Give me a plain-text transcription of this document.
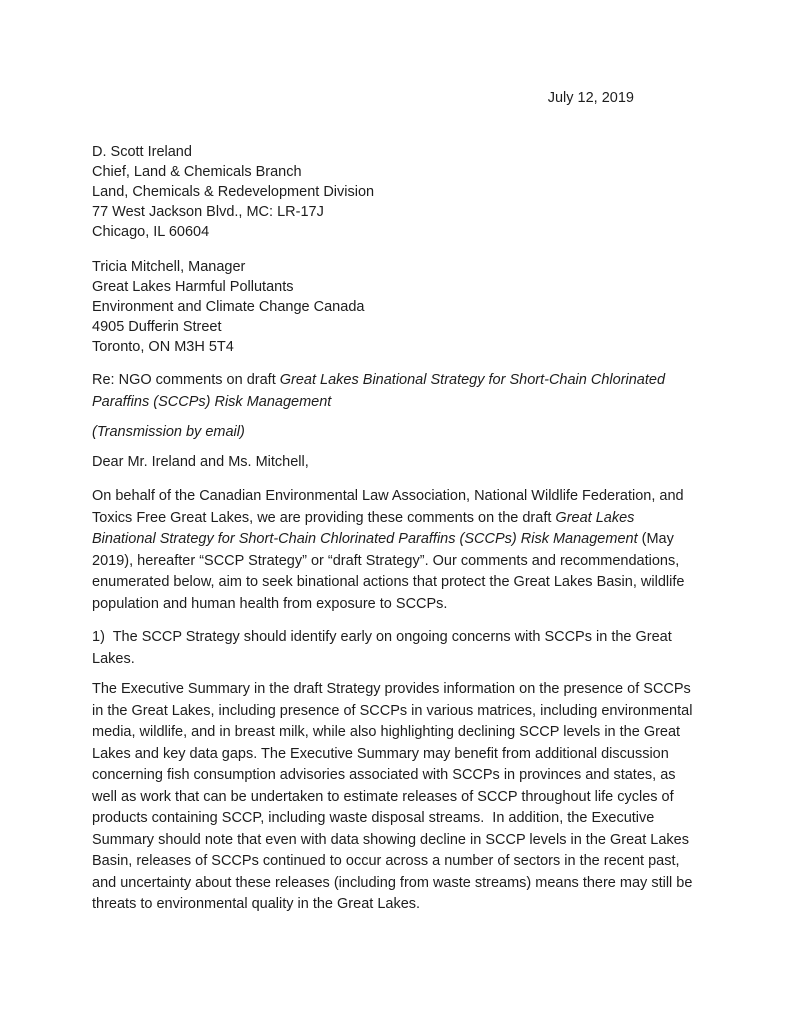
July 12, 2019
D. Scott Ireland
Chief, Land & Chemicals Branch
Land, Chemicals & Redevelopment Division
77 West Jackson Blvd., MC: LR-17J
Chicago, IL 60604
Tricia Mitchell, Manager
Great Lakes Harmful Pollutants
Environment and Climate Change Canada
4905 Dufferin Street
Toronto, ON M3H 5T4

Re: NGO comments on draft Great Lakes Binational Strategy for Short-Chain Chlorinated Paraffins (SCCPs) Risk Management

(Transmission by email)

Dear Mr. Ireland and Ms. Mitchell,

On behalf of the Canadian Environmental Law Association, National Wildlife Federation, and Toxics Free Great Lakes, we are providing these comments on the draft Great Lakes Binational Strategy for Short-Chain Chlorinated Paraffins (SCCPs) Risk Management (May 2019), hereafter “SCCP Strategy” or “draft Strategy”. Our comments and recommendations, enumerated below, aim to seek binational actions that protect the Great Lakes Basin, wildlife population and human health from exposure to SCCPs.

1)  The SCCP Strategy should identify early on ongoing concerns with SCCPs in the Great Lakes.

The Executive Summary in the draft Strategy provides information on the presence of SCCPs in the Great Lakes, including presence of SCCPs in various matrices, including environmental media, wildlife, and in breast milk, while also highlighting declining SCCP levels in the Great Lakes and key data gaps. The Executive Summary may benefit from additional discussion concerning fish consumption advisories associated with SCCPs in provinces and states, as well as work that can be undertaken to estimate releases of SCCP throughout life cycles of products containing SCCP, including waste disposal streams.  In addition, the Executive Summary should note that even with data showing decline in SCCP levels in the Great Lakes Basin, releases of SCCPs continued to occur across a number of sectors in the recent past, and uncertainty about these releases (including from waste streams) means there may still be threats to environmental quality in the Great Lakes.
